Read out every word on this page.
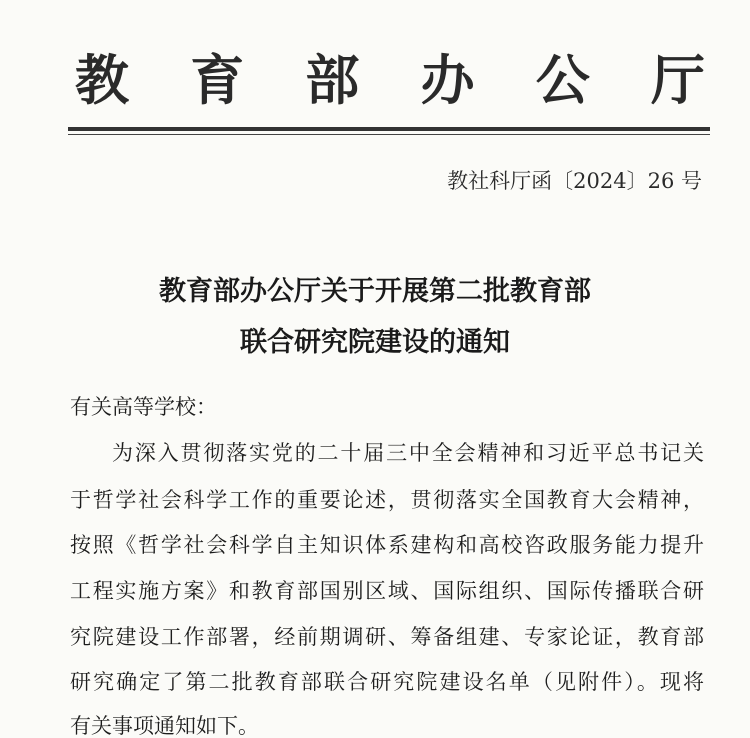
教 育 部 办 公 厅
教社科厅函〔2024〕26 号
教育部办公厅关于开展第二批教育部
联合研究院建设的通知
有关高等学校：
为深入贯彻落实党的二十届三中全会精神和习近平总书记关
于哲学社会科学工作的重要论述，贯彻落实全国教育大会精神，
按照《哲学社会科学自主知识体系建构和高校咨政服务能力提升
工程实施方案》和教育部国别区域、国际组织、国际传播联合研
究院建设工作部署，经前期调研、筹备组建、专家论证，教育部
研究确定了第二批教育部联合研究院建设名单（见附件）。现将
有关事项通知如下。
